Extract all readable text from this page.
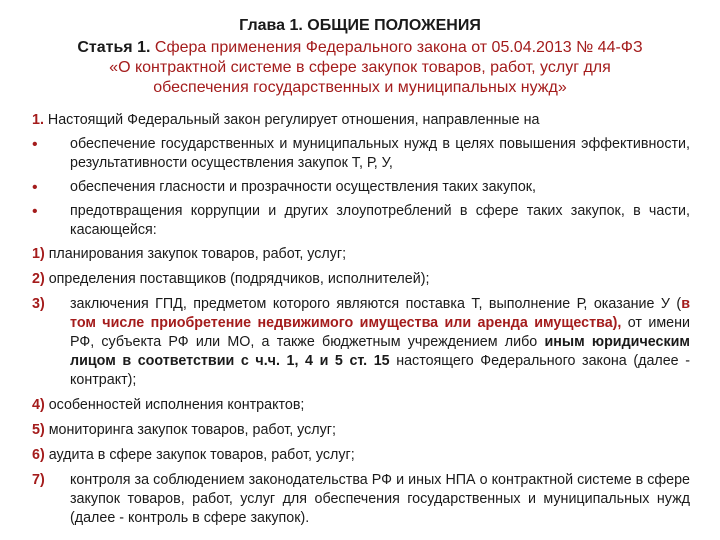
Глава 1. ОБЩИЕ ПОЛОЖЕНИЯ
Статья 1. Сфера применения Федерального закона от 05.04.2013 № 44-ФЗ
«О контрактной системе в сфере закупок товаров, работ, услуг для
обеспечения государственных и муниципальных нужд»

1. Настоящий Федеральный закон регулирует отношения, направленные на

• обеспечение государственных и муниципальных нужд в целях повышения эффективности, результативности осуществления закупок Т, Р, У,
• обеспечения гласности и прозрачности осуществления таких закупок,
• предотвращения коррупции и других злоупотреблений в сфере таких закупок, в части, касающейся:
1) планирования закупок товаров, работ, услуг;
2) определения поставщиков (подрядчиков, исполнителей);
3) заключения ГПД, предметом которого являются поставка Т, выполнение Р, оказание У (в том числе приобретение недвижимого имущества или аренда имущества), от имени РФ, субъекта РФ или МО, а также бюджетным учреждением либо иным юридическим лицом в соответствии с ч.ч. 1, 4 и 5 ст. 15 настоящего Федерального закона (далее - контракт);
4) особенностей исполнения контрактов;
5) мониторинга закупок товаров, работ, услуг;
6) аудита в сфере закупок товаров, работ, услуг;
7) контроля за соблюдением законодательства РФ и иных НПА о контрактной системе в сфере закупок товаров, работ, услуг для обеспечения государственных и муниципальных нужд (далее - контроль в сфере закупок).
